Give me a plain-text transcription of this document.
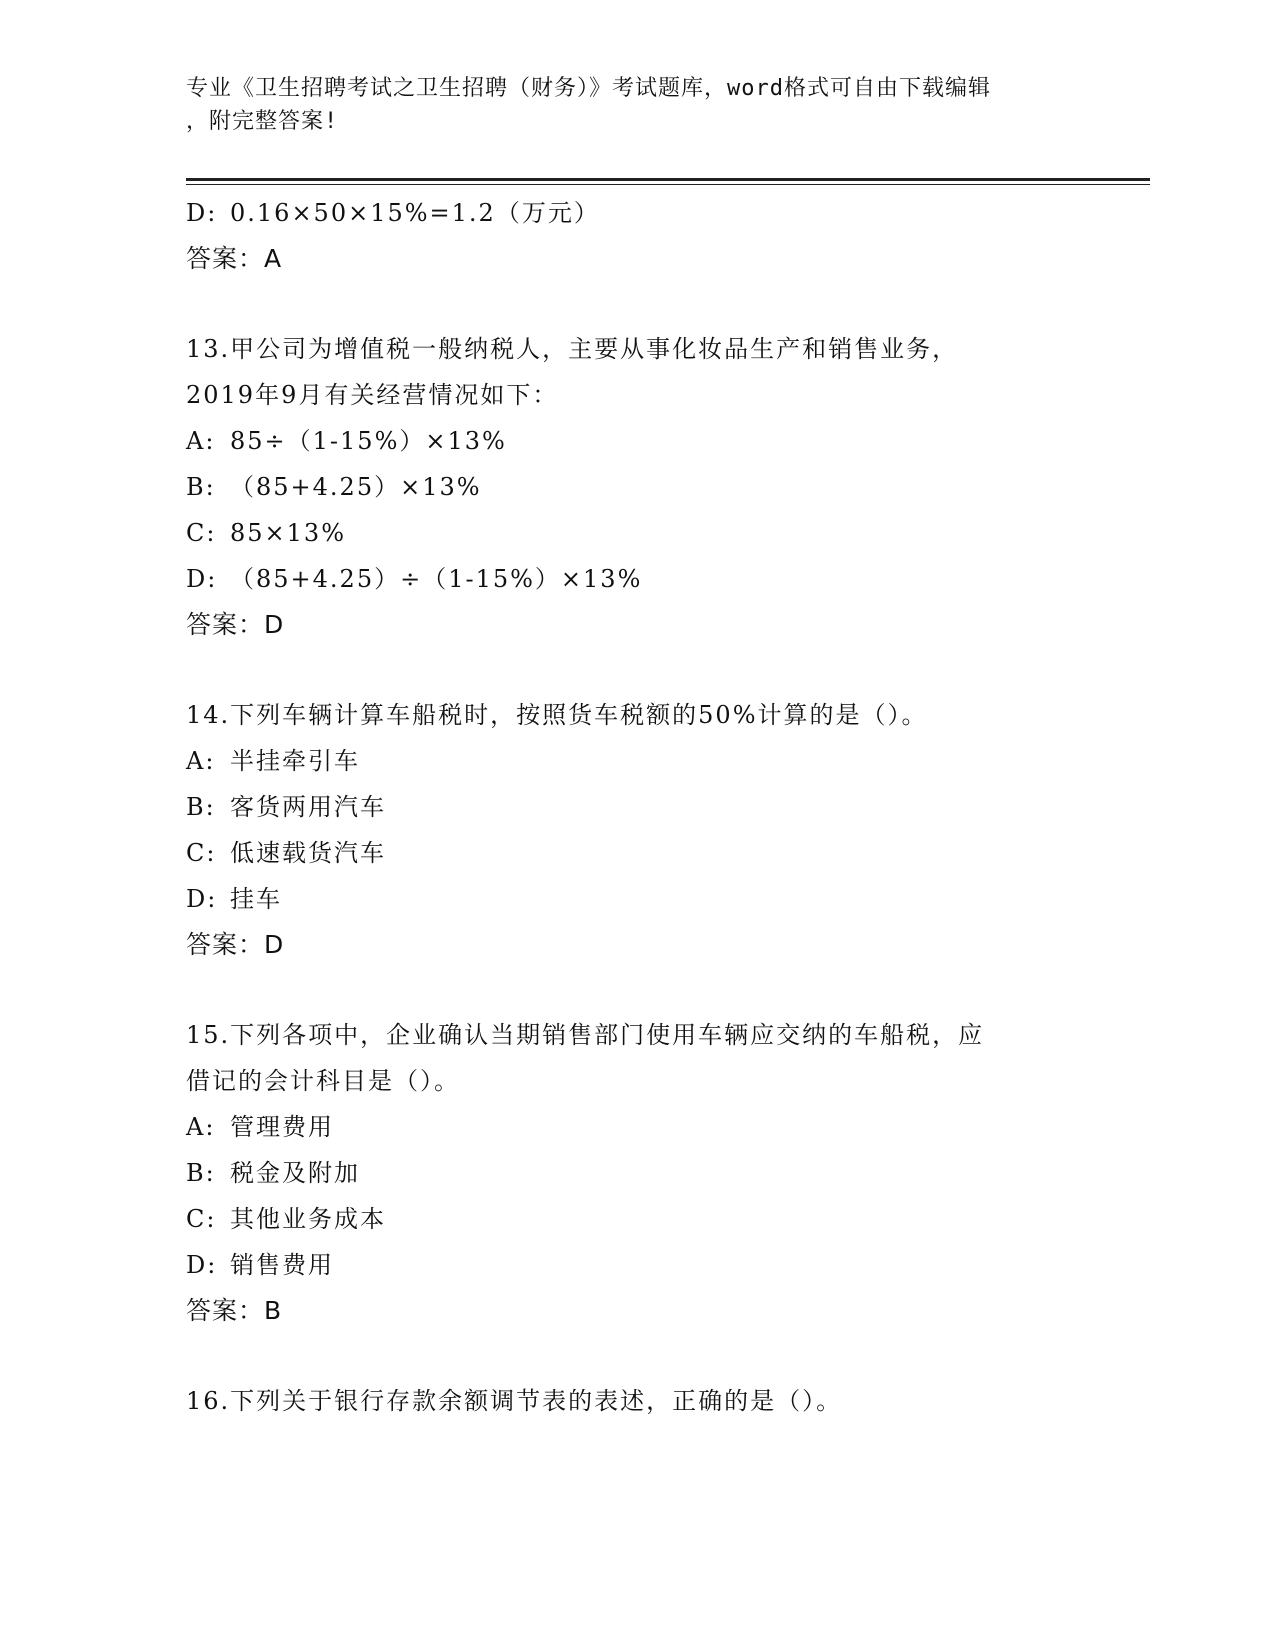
专业《卫生招聘考试之卫生招聘（财务）》考试题库，word格式可自由下载编辑
，附完整答案!
D: 0.16×50×15%=1.2（万元）
答案：A
13.甲公司为增值税一般纳税人，主要从事化妆品生产和销售业务，
2019年9月有关经营情况如下：
A: 85÷（1-15%）×13%
B: （85+4.25）×13%
C: 85×13%
D: （85+4.25）÷（1-15%）×13%
答案：D
14.下列车辆计算车船税时，按照货车税额的50%计算的是（）。
A: 半挂牵引车
B: 客货两用汽车
C: 低速载货汽车
D: 挂车
答案：D
15.下列各项中，企业确认当期销售部门使用车辆应交纳的车船税，应
借记的会计科目是（）。
A: 管理费用
B: 税金及附加
C: 其他业务成本
D: 销售费用
答案：B
16.下列关于银行存款余额调节表的表述，正确的是（）。
